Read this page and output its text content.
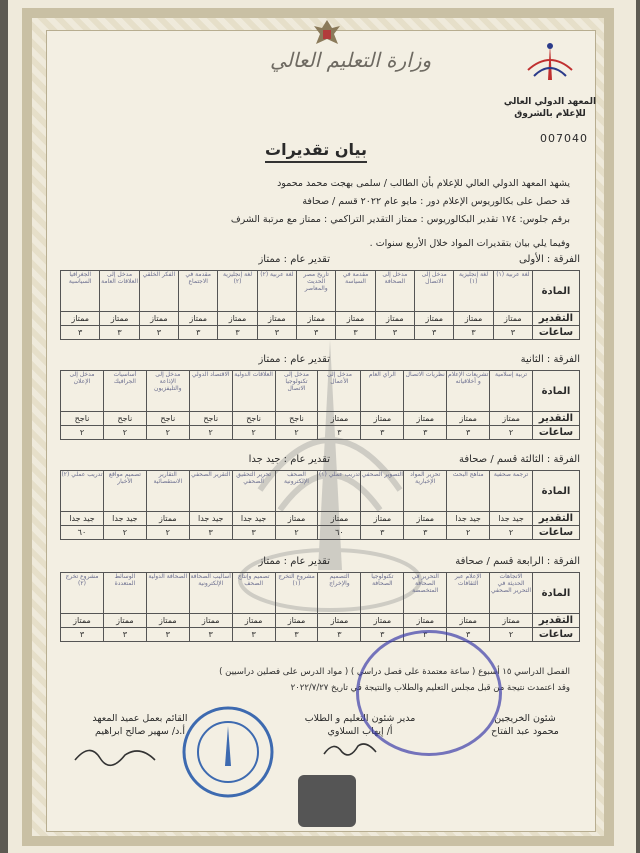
وزارة التعليم العالي
المعهد الدولي العالي للإعلام بالشروق
007040
بيان تقديرات
يشهد المعهد الدولي العالي للإعلام بأن الطالب / سلمى بهجت محمد محمود
قد حصل على بكالوريوس الإعلام دور : مايو عام ٢٠٢٢ قسم / صحافة
برقم جلوس: ١٧٤ تقدير البكالوريوس : ممتاز التقدير التراكمي : ممتاز مع مرتبة الشرف
وفيما يلي بيان بتقديرات المواد خلال الأربع سنوات .
الفرقة : الأولى
تقدير عام : ممتاز
المادة	لغة عربية (١)	لغة إنجليزية (١)	مدخل إلى الاتصال	مدخل إلى الصحافة	مقدمة في السياسة	تاريخ مصر الحديث والمعاصر	لغة عربية (٢)	لغة إنجليزية (٢)	مقدمة في الاجتماع	الفكر الخلقي	مدخل إلى العلاقات العامة	الجغرافيا السياسية
التقدير	ممتاز	ممتاز	ممتاز	ممتاز	ممتاز	ممتاز	ممتاز	ممتاز	ممتاز	ممتاز	ممتاز	ممتاز
ساعات	٣	٣	٣	٣	٣	٣	٣	٣	٣	٣	٣	٣
الفرقة : الثانية
تقدير عام : ممتاز
المادة	تربية إسلامية	تشريعات الإعلام و أخلاقياته	نظريات الاتصال	الرأي العام	مدخل إلى الأعمال	مدخل إلى تكنولوجيا الاتصال	العلاقات الدولية	الاقتصاد الدولي	مدخل إلى الإذاعة والتليفزيون	أساسيات الجرافيك	مدخل إلى الإعلان
التقدير	ممتاز	ممتاز	ممتاز	ممتاز	ممتاز	ناجح	ناجح	ناجح	ناجح	ناجح	ناجح
ساعات	٢	٣	٣	٣	٣	٢	٢	٢	٢	٢	٢
الفرقة : الثالثة قسم / صحافة
تقدير عام : جيد جدا
المادة	ترجمة صحفية	مناهج البحث	تحرير المواد الإخبارية	التصوير الصحفي	تدريب عملي (١)	الصحف الإلكترونية	تحرير التحقيق الصحفي	التقرير الصحفي	التقارير الاستقصائية	تصميم مواقع الأخبار	تدريب عملي (٢)
التقدير	جيد جدا	جيد جدا	ممتاز	ممتاز	ممتاز	ممتاز	جيد جدا	جيد جدا	ممتاز	جيد جدا	جيد جدا
ساعات	٢	٢	٣	٣	٦٠	٢	٣	٣	٢	٢	٦٠
الفرقة : الرابعة قسم / صحافة
تقدير عام : ممتاز
المادة	الاتجاهات الحديثة في التحرير الصحفي	الإعلام عبر الثقافات	التحرير في الصحافة المتخصصة	تكنولوجيا الصحافة	التصميم والإخراج	مشروع التخرج (١)	تصميم وإنتاج الصحف	أساليب الصحافة الإلكترونية	الصحافة الدولية	الوسائط المتعددة	مشروع تخرج (٢)
التقدير	ممتاز	ممتاز	ممتاز	ممتاز	ممتاز	ممتاز	ممتاز	ممتاز	ممتاز	ممتاز	ممتاز
ساعات	٢	٣	٣	٣	٣	٣	٣	٣	٣	٣	٣
الفصل الدراسي ١٥ أسبوع ( ساعة معتمدة على فصل دراسي ) ( مواد الدرس على فصلين دراسيين )
وقد اعتمدت نتيجة من قبل مجلس التعليم والطلاب والنتيجة في تاريخ ٢٠٢٢/٧/٢٧
شئون الخريجين
محمود عبد الفتاح
مدير شئون التعليم و الطلاب
أ/ إيهاب السلاوي
القائم بعمل عميد المعهد
أ.د/ سهير صالح ابراهيم
